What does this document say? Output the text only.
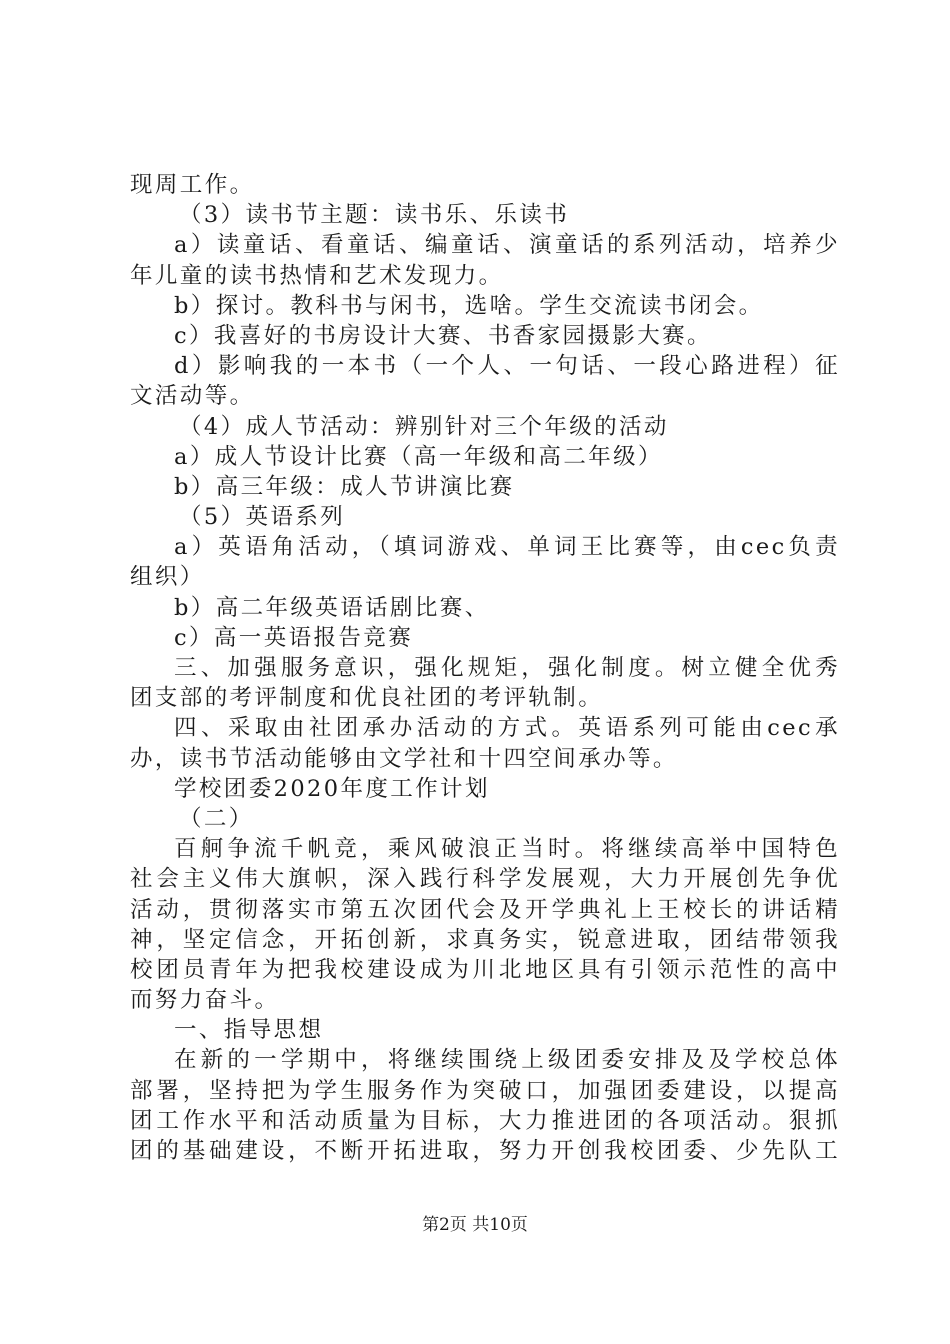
现周工作。
（3）读书节主题：读书乐、乐读书
a）读童话、看童话、编童话、演童话的系列活动，培养少
年儿童的读书热情和艺术发现力。
b）探讨。教科书与闲书，选啥。学生交流读书闭会。
c）我喜好的书房设计大赛、书香家园摄影大赛。
d）影响我的一本书（一个人、一句话、一段心路进程）征
文活动等。
（4）成人节活动：辨别针对三个年级的活动
a）成人节设计比赛（高一年级和高二年级）
b）高三年级：成人节讲演比赛
（5）英语系列
a）英语角活动，（填词游戏、单词王比赛等，由cec负责
组织）
b）高二年级英语话剧比赛、
c）高一英语报告竞赛
三、加强服务意识，强化规矩，强化制度。树立健全优秀
团支部的考评制度和优良社团的考评轨制。
四、采取由社团承办活动的方式。英语系列可能由cec承
办，读书节活动能够由文学社和十四空间承办等。
学校团委2020年度工作计划
（二）
百舸争流千帆竞，乘风破浪正当时。将继续高举中国特色
社会主义伟大旗帜，深入践行科学发展观，大力开展创先争优
活动，贯彻落实市第五次团代会及开学典礼上王校长的讲话精
神，坚定信念，开拓创新，求真务实，锐意进取，团结带领我
校团员青年为把我校建设成为川北地区具有引领示范性的高中
而努力奋斗。
一、指导思想
在新的一学期中，将继续围绕上级团委安排及及学校总体
部署，坚持把为学生服务作为突破口，加强团委建设，以提高
团工作水平和活动质量为目标，大力推进团的各项活动。狠抓
团的基础建设，不断开拓进取，努力开创我校团委、少先队工
第2页 共10页
